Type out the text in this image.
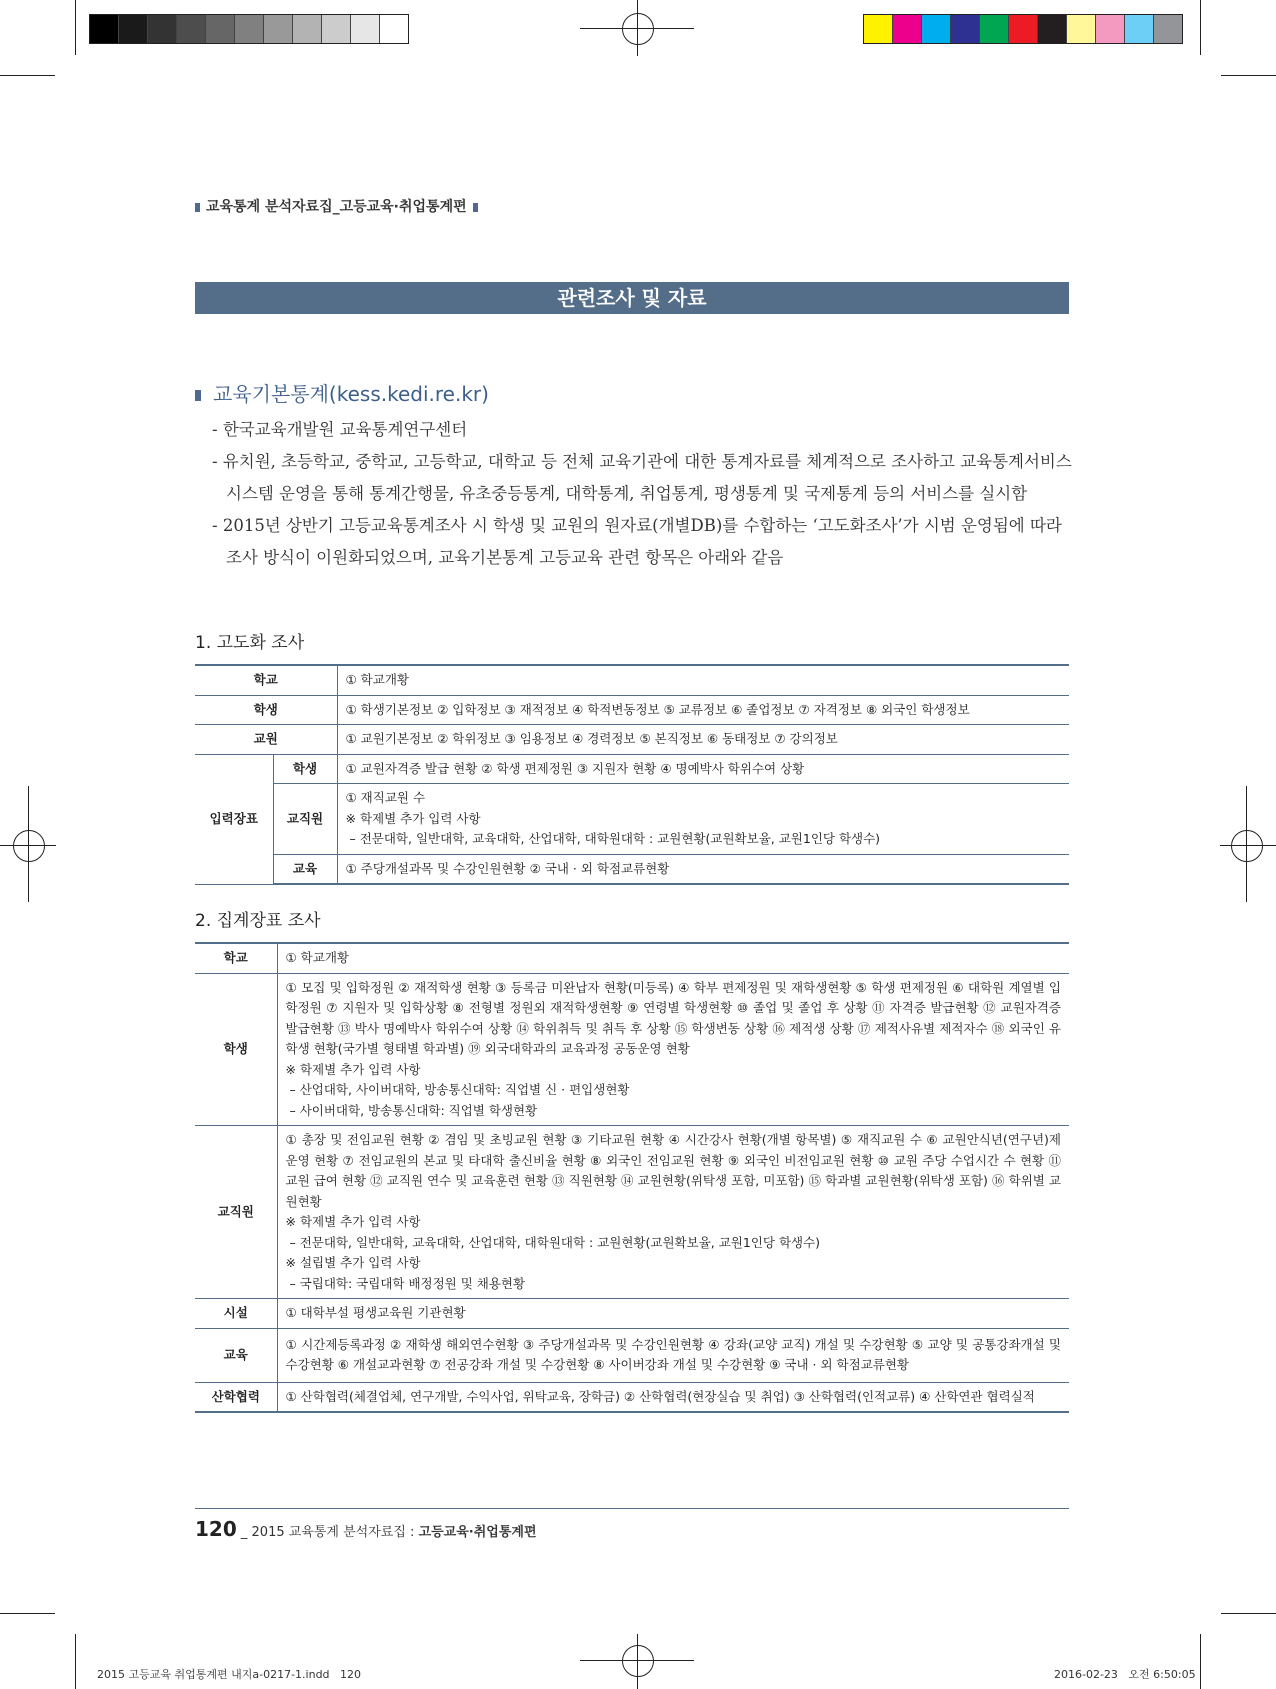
교육통계 분석자료집_고등교육·취업통계편
관련조사 및 자료
교육기본통계(kess.kedi.re.kr)

- 한국교육개발원 교육통계연구센터

- 유치원, 초등학교, 중학교, 고등학교, 대학교 등 전체 교육기관에 대한 통계자료를 체계적으로 조사하고 교육통계서비스 시스템 운영을 통해 통계간행물, 유초중등통계, 대학통계, 취업통계, 평생통계 및 국제통계 등의 서비스를 실시함

- 2015년 상반기 고등교육통계조사 시 학생 및 교원의 원자료(개별DB)를 수합하는 ‘고도화조사’가 시범 운영됨에 따라 조사 방식이 이원화되었으며, 교육기본통계 고등교육 관련 항목은 아래와 같음

1. 고도화 조사
학교		① 학교개황
학생		① 학생기본정보 ② 입학정보 ③ 재적정보 ④ 학적변동정보 ⑤ 교류정보 ⑥ 졸업정보 ⑦ 자격정보 ⑧ 외국인 학생정보
교원		① 교원기본정보 ② 학위정보 ③ 임용정보 ④ 경력정보 ⑤ 본직정보 ⑥ 동태정보 ⑦ 강의정보
입력장표	학생	① 교원자격증 발급 현황 ② 학생 편제정원 ③ 지원자 현황 ④ 명예박사 학위수여 상황

	교직원	① 재직교원 수
※ 학제별 추가 입력 사항
– 전문대학, 일반대학, 교육대학, 산업대학, 대학원대학 : 교원현황(교원확보율, 교원1인당 학생수)

	교육	① 주당개설과목 및 수강인원현황 ② 국내 · 외 학점교류현황
2. 집계장표 조사
학교	① 학교개황

학생	① 모집 및 입학정원 ② 재적학생 현황 ③ 등록금 미완납자 현황(미등록) ④ 학부 편제정원 및 재학생현황 ⑤ 학생 편제정원 ⑥ 대학원 계열별 입학정원 ⑦ 지원자 및 입학상황 ⑧ 전형별 정원외 재적학생현황 ⑨ 연령별 학생현황 ⑩ 졸업 및 졸업 후 상황 ⑪ 자격증 발급현황 ⑫ 교원자격증 발급현황 ⑬ 박사 명예박사 학위수여 상황 ⑭ 학위취득 및 취득 후 상황 ⑮ 학생변동 상황 ⑯ 제적생 상황 ⑰ 제적사유별 제적자수 ⑱ 외국인 유학생 현황(국가별 형태별 학과별) ⑲ 외국대학과의 교육과정 공동운영 현황
※ 학제별 추가 입력 사항
– 산업대학, 사이버대학, 방송통신대학: 직업별 신 · 편입생현황
– 사이버대학, 방송통신대학: 직업별 학생현황

교직원	① 총장 및 전임교원 현황 ② 겸임 및 초빙교원 현황 ③ 기타교원 현황 ④ 시간강사 현황(개별 항목별) ⑤ 재직교원 수 ⑥ 교원안식년(연구년)제 운영 현황 ⑦ 전임교원의 본교 및 타대학 출신비율 현황 ⑧ 외국인 전임교원 현황 ⑨ 외국인 비전임교원 현황 ⑩ 교원 주당 수업시간 수 현황 ⑪ 교원 급여 현황 ⑫ 교직원 연수 및 교육훈련 현황 ⑬ 직원현황 ⑭ 교원현황(위탁생 포함, 미포함) ⑮ 학과별 교원현황(위탁생 포함) ⑯ 학위별 교원현황
※ 학제별 추가 입력 사항
– 전문대학, 일반대학, 교육대학, 산업대학, 대학원대학 : 교원현황(교원확보율, 교원1인당 학생수)
※ 설립별 추가 입력 사항
– 국립대학: 국립대학 배정정원 및 채용현황

시설	① 대학부설 평생교육원 기관현황

교육	① 시간제등록과정 ② 재학생 해외연수현황 ③ 주당개설과목 및 수강인원현황 ④ 강좌(교양 교직) 개설 및 수강현황 ⑤ 교양 및 공통강좌개설 및 수강현황 ⑥ 개설교과현황 ⑦ 전공강좌 개설 및 수강현황 ⑧ 사이버강좌 개설 및 수강현황 ⑨ 국내 · 외 학점교류현황

산학협력	① 산학협력(체결업체, 연구개발, 수익사업, 위탁교육, 장학금) ② 산학협력(현장실습 및 취업) ③ 산학협력(인적교류) ④ 산학연관 협력실적
120 _ 2015 교육통계 분석자료집 : 고등교육·취업통계편
2015 고등교육 취업통계편 내지a-0217-1.indd   120	2016-02-23   오전 6:50:05
